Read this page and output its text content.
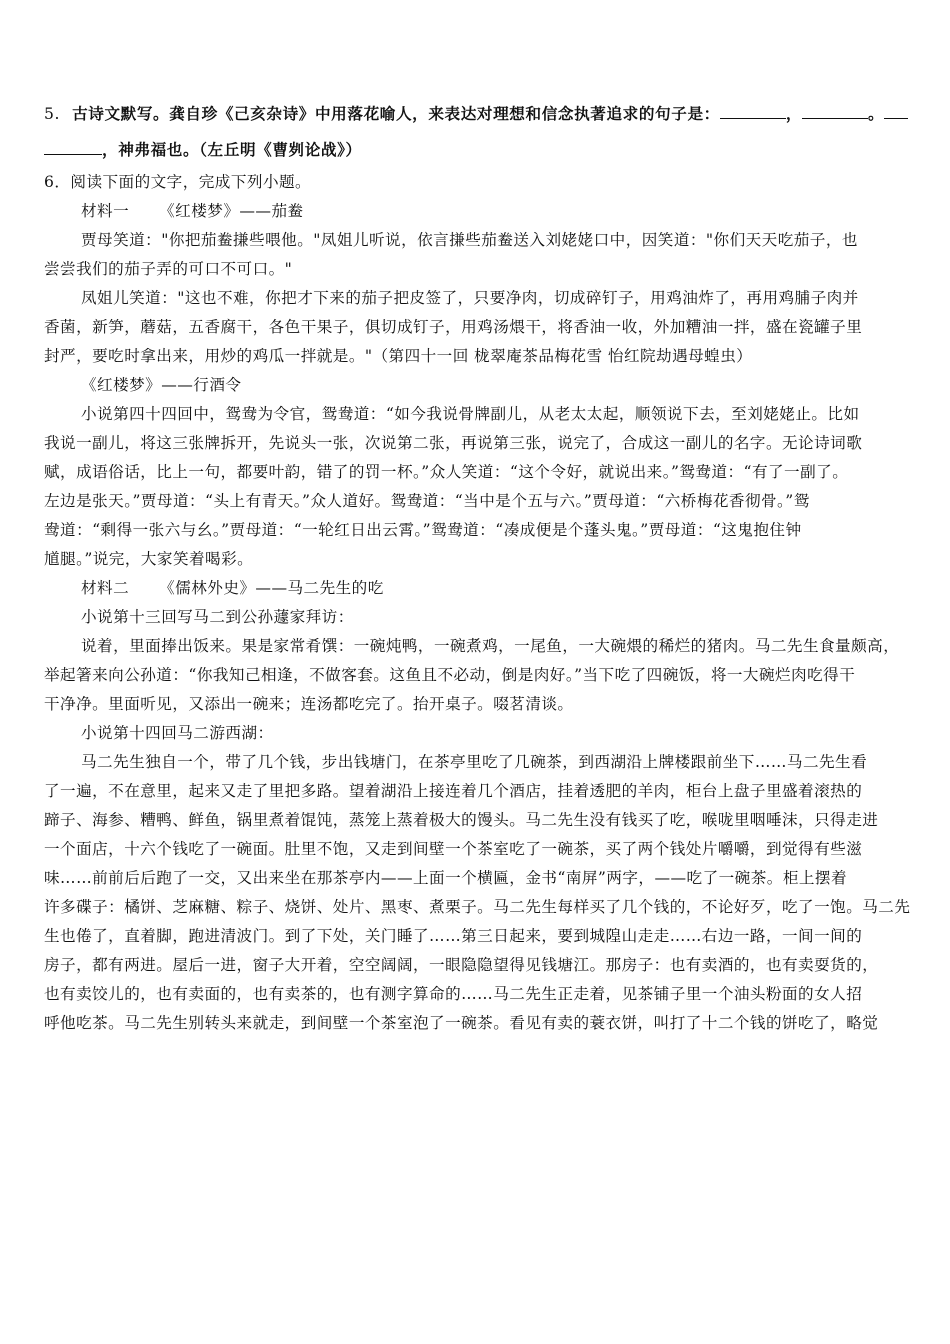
5. 古诗文默写。龚自珍《己亥杂诗》中用落花喻人，来表达对理想和信念执著追求的句子是：	，	。

，神弗福也。（左丘明《曹刿论战》）

6．阅读下面的文字，完成下列小题。

材料一 《红楼梦》——茄鲞

贾母笑道："你把茄鲞搛些喂他。"凤姐儿听说，依言搛些茄鲞送入刘姥姥口中，因笑道："你们天天吃茄子，也

尝尝我们的茄子弄的可口不可口。"

凤姐儿笑道："这也不难，你把才下来的茄子把皮签了，只要净肉，切成碎钉子，用鸡油炸了，再用鸡脯子肉并

香菌，新笋，蘑菇，五香腐干，各色干果子，俱切成钉子，用鸡汤煨干，将香油一收，外加糟油一拌，盛在瓷罐子里

封严，要吃时拿出来，用炒的鸡瓜一拌就是。"（第四十一回 栊翠庵茶品梅花雪 怡红院劫遇母蝗虫）

《红楼梦》——行酒令

小说第四十四回中，鸳鸯为令官，鸳鸯道：“如今我说骨牌副儿，从老太太起，顺领说下去，至刘姥姥止。比如

我说一副儿，将这三张牌拆开，先说头一张，次说第二张，再说第三张，说完了，合成这一副儿的名字。无论诗词歌

赋，成语俗话，比上一句，都要叶韵，错了的罚一杯。”众人笑道：“这个令好，就说出来。”鸳鸯道：“有了一副了。

左边是张天。”贾母道：“头上有青天。”众人道好。鸳鸯道：“当中是个五与六。”贾母道：“六桥梅花香彻骨。”鸳

鸯道：“剩得一张六与幺。”贾母道：“一轮红日出云霄。”鸳鸯道：“凑成便是个蓬头鬼。”贾母道：“这鬼抱住钟

馗腿。”说完，大家笑着喝彩。

材料二 《儒林外史》——马二先生的吃

小说第十三回写马二到公孙蘧家拜访：

说着，里面捧出饭来。果是家常肴馔：一碗炖鸭，一碗煮鸡，一尾鱼，一大碗煨的稀烂的猪肉。马二先生食量颇高，

举起箸来向公孙道：“你我知己相逢，不做客套。这鱼且不必动，倒是肉好。”当下吃了四碗饭，将一大碗烂肉吃得干

干净净。里面听见，又添出一碗来；连汤都吃完了。抬开桌子。啜茗清谈。

小说第十四回马二游西湖：

马二先生独自一个，带了几个钱，步出钱塘门，在茶亭里吃了几碗茶，到西湖沿上牌楼跟前坐下……马二先生看

了一遍，不在意里，起来又走了里把多路。望着湖沿上接连着几个酒店，挂着透肥的羊肉，柜台上盘子里盛着滚热的

蹄子、海参、糟鸭、鲜鱼，锅里煮着馄饨，蒸笼上蒸着极大的馒头。马二先生没有钱买了吃，喉咙里咽唾沫，只得走进

一个面店，十六个钱吃了一碗面。肚里不饱，又走到间壁一个茶室吃了一碗茶，买了两个钱处片嚼嚼，到觉得有些滋

味……前前后后跑了一交，又出来坐在那茶亭内——上面一个横匾，金书“南屏”两字，——吃了一碗茶。柜上摆着

许多碟子：橘饼、芝麻糖、粽子、烧饼、处片、黑枣、煮栗子。马二先生每样买了几个钱的，不论好歹，吃了一饱。马二先

生也倦了，直着脚，跑进清波门。到了下处，关门睡了……第三日起来，要到城隍山走走……右边一路，一间一间的

房子，都有两进。屋后一进，窗子大开着，空空阔阔，一眼隐隐望得见钱塘江。那房子：也有卖酒的，也有卖耍货的，

也有卖饺儿的，也有卖面的，也有卖茶的，也有测字算命的……马二先生正走着，见茶铺子里一个油头粉面的女人招

呼他吃茶。马二先生别转头来就走，到间壁一个茶室泡了一碗茶。看见有卖的蓑衣饼，叫打了十二个钱的饼吃了，略觉
